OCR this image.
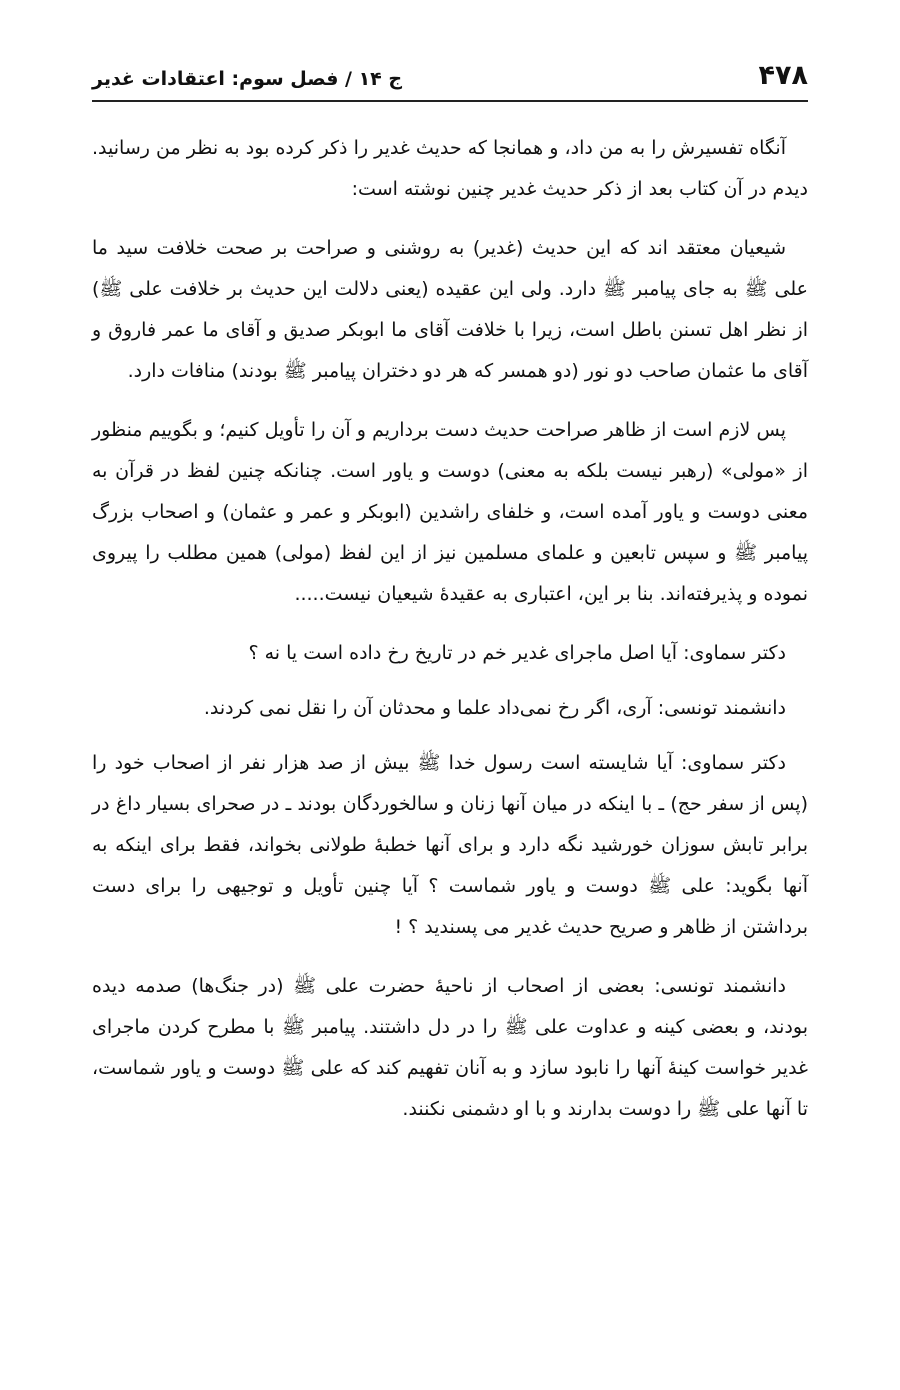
۴۷۸
ج ۱۴ / فصل سوم: اعتقادات غدیر

آنگاه تفسیرش را به من داد، و همانجا که حدیث غدیر را ذکر کرده بود به نظر من رسانید. دیدم در آن کتاب بعد از ذکر حدیث غدیر چنین نوشته است:

شیعیان معتقد اند که این حدیث (غدیر) به روشنی و صراحت بر صحت خلافت سید ما علی ﷺ به جای پیامبر ﷺ دارد. ولی این عقیده (یعنی دلالت این حدیث بر خلافت علی ﷺ) از نظر اهل تسنن باطل است، زیرا با خلافت آقای ما ابوبکر صدیق و آقای ما عمر فاروق و آقای ما عثمان صاحب دو نور (دو همسر که هر دو دختران پیامبر ﷺ بودند) منافات دارد.

پس لازم است از ظاهر صراحت حدیث دست برداریم و آن را تأویل کنیم؛ و بگوییم منظور از «مولی» (رهبر نیست بلکه به معنی) دوست و یاور است. چنانکه چنین لفظ در قرآن به معنی دوست و یاور آمده است، و خلفای راشدین (ابوبکر و عمر و عثمان) و اصحاب بزرگ پیامبر ﷺ و سپس تابعین و علمای مسلمین نیز از این لفظ (مولی) همین مطلب را پیروی نموده و پذیرفته‌اند. بنا بر این، اعتباری به عقیدهٔ شیعیان نیست.....

دکتر سماوی: آیا اصل ماجرای غدیر خم در تاریخ رخ داده است یا نه ؟

دانشمند تونسی: آری، اگر رخ نمی‌داد علما و محدثان آن را نقل نمی کردند.

دکتر سماوی: آیا شایسته است رسول خدا ﷺ بیش از صد هزار نفر از اصحاب خود را (پس از سفر حج) ـ با اینکه در میان آنها زنان و سالخوردگان بودند ـ در صحرای بسیار داغ در برابر تابش سوزان خورشید نگه دارد و برای آنها خطبهٔ طولانی بخواند، فقط برای اینکه به آنها بگوید: علی ﷺ دوست و یاور شماست ؟ آیا چنین تأویل و توجیهی را برای دست برداشتن از ظاهر و صریح حدیث غدیر می پسندید ؟ !

دانشمند تونسی: بعضی از اصحاب از ناحیهٔ حضرت علی ﷺ (در جنگ‌ها) صدمه دیده بودند، و بعضی کینه و عداوت علی ﷺ را در دل داشتند. پیامبر ﷺ با مطرح کردن ماجرای غدیر خواست کینهٔ آنها را نابود سازد و به آنان تفهیم کند که علی ﷺ دوست و یاور شماست، تا آنها علی ﷺ را دوست بدارند و با او دشمنی نکنند.
